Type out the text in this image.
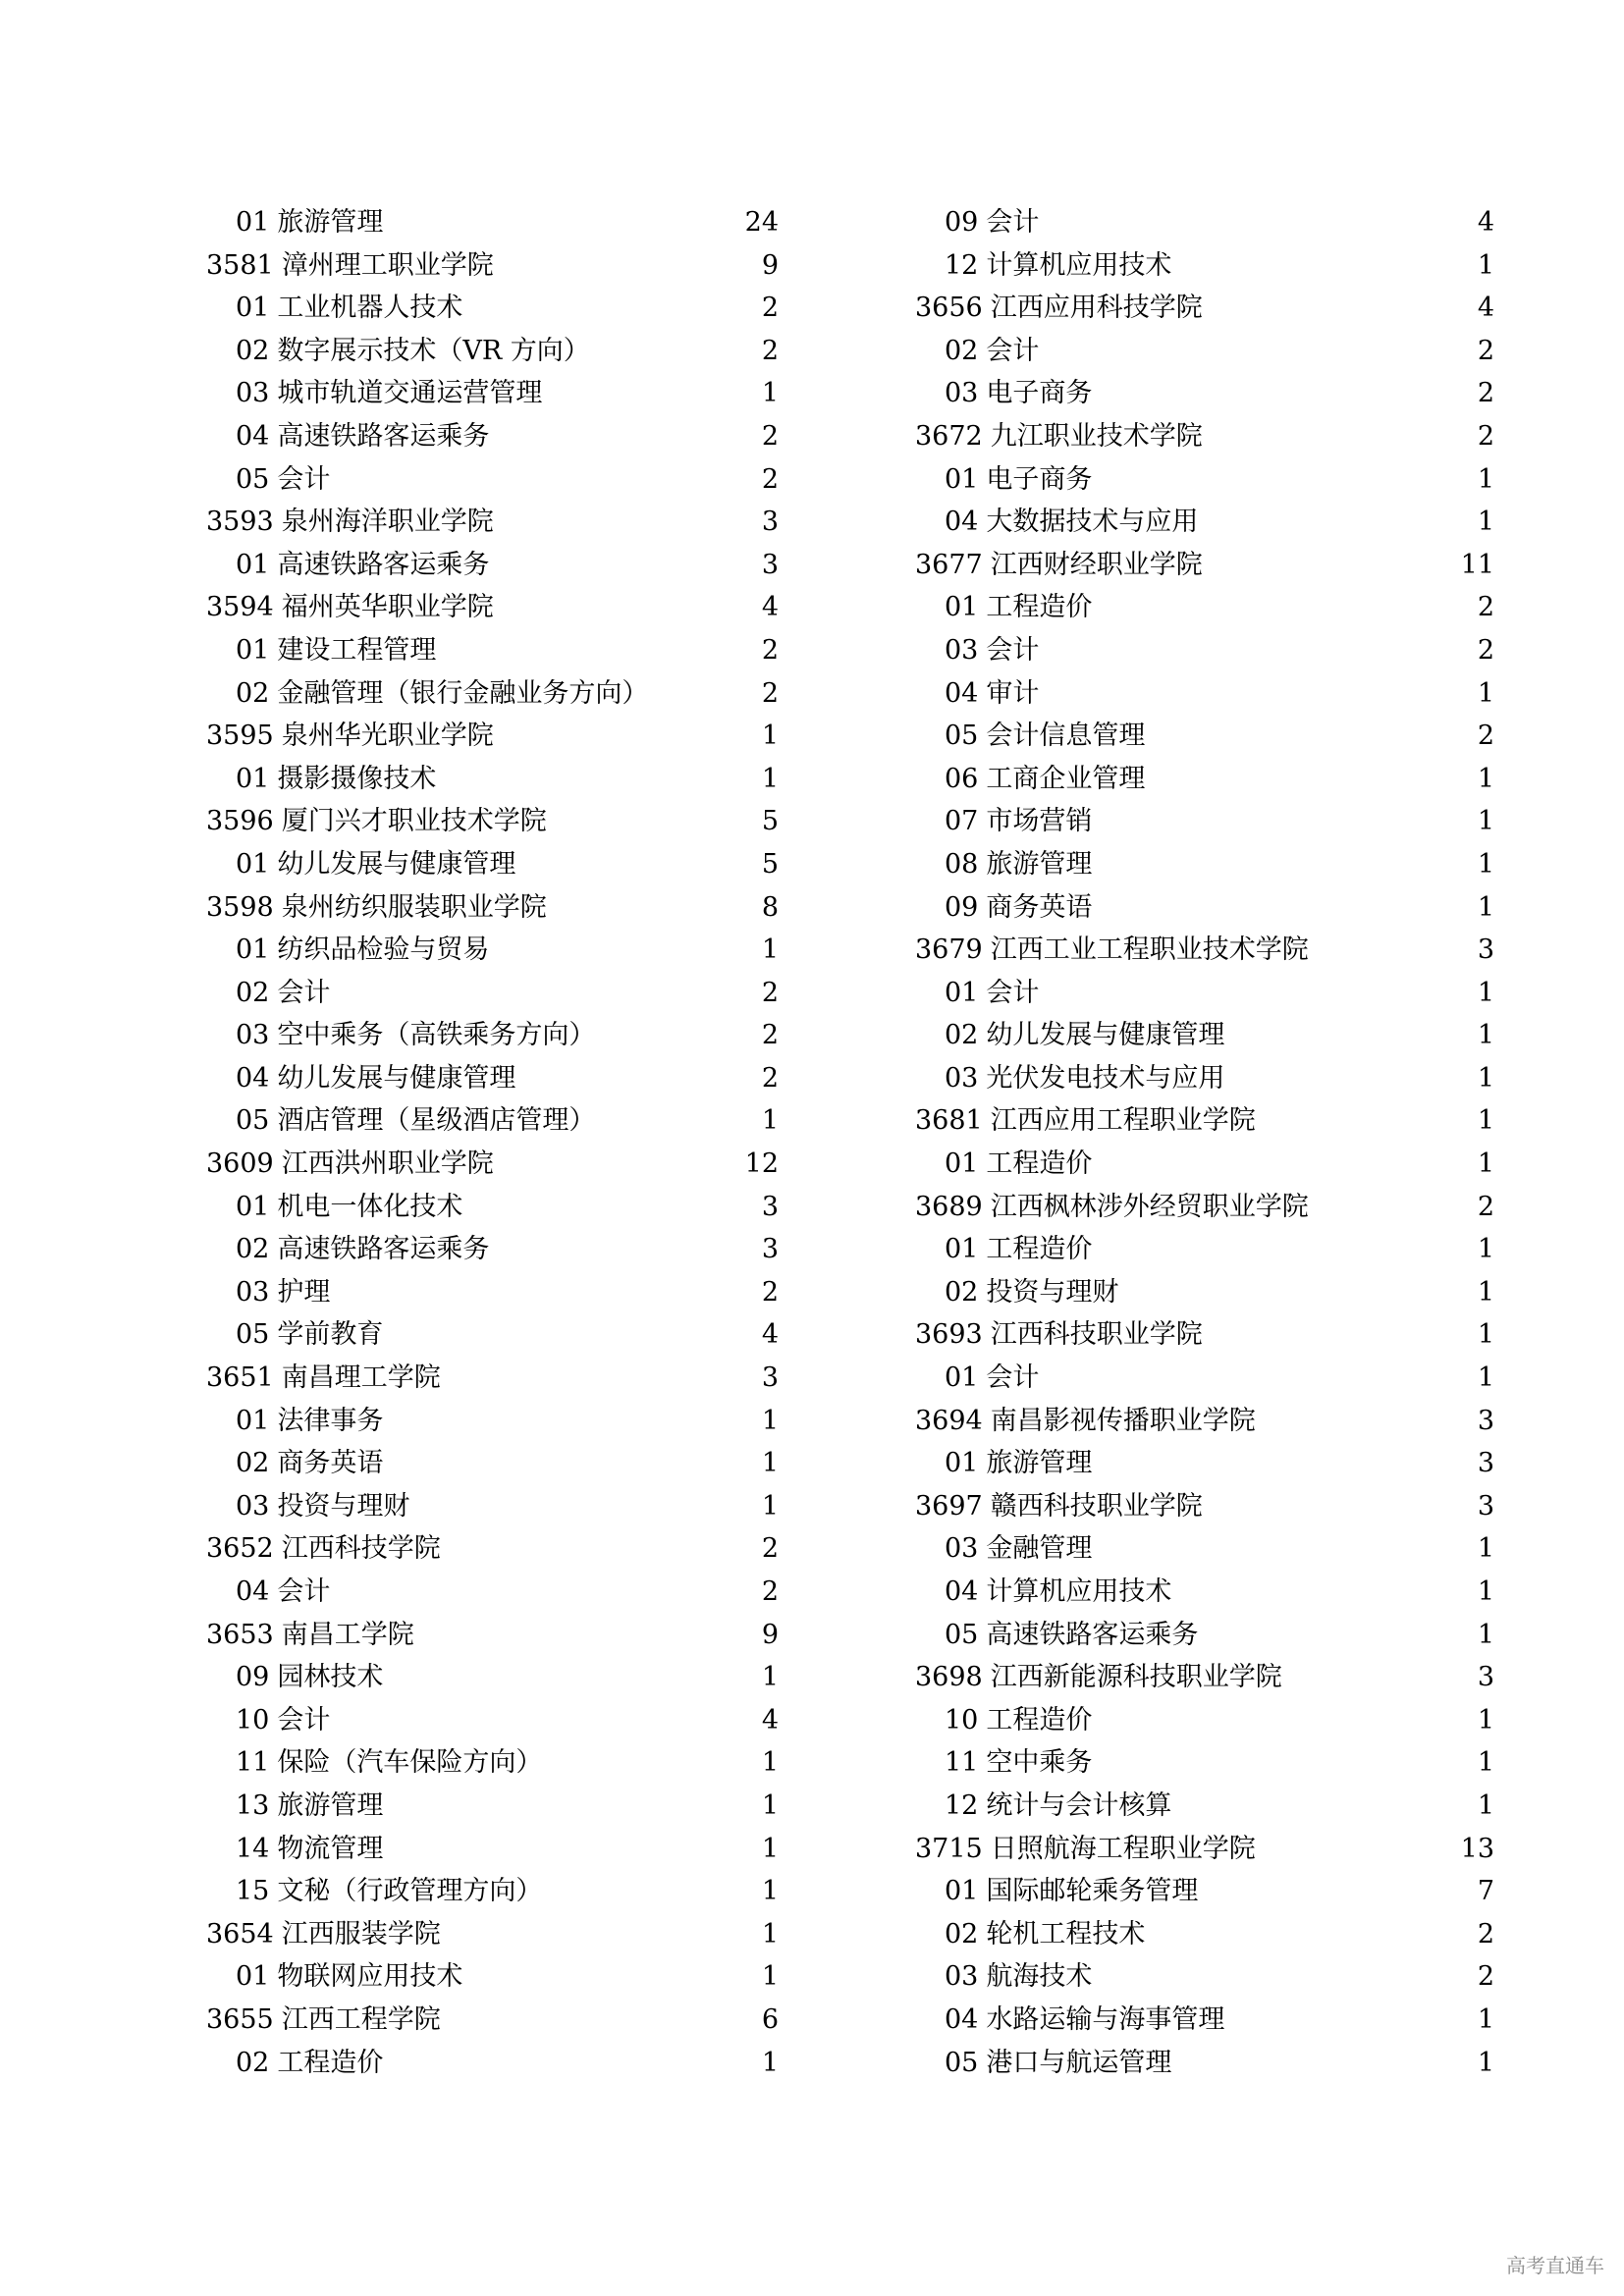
01 旅游管理	24
3581 漳州理工职业学院	9
01 工业机器人技术	2
02 数字展示技术（VR 方向）	2
03 城市轨道交通运营管理	1
04 高速铁路客运乘务	2
05 会计	2
3593 泉州海洋职业学院	3
01 高速铁路客运乘务	3
3594 福州英华职业学院	4
01 建设工程管理	2
02 金融管理（银行金融业务方向）	2
3595 泉州华光职业学院	1
01 摄影摄像技术	1
3596 厦门兴才职业技术学院	5
01 幼儿发展与健康管理	5
3598 泉州纺织服装职业学院	8
01 纺织品检验与贸易	1
02 会计	2
03 空中乘务（高铁乘务方向）	2
04 幼儿发展与健康管理	2
05 酒店管理（星级酒店管理）	1
3609 江西洪州职业学院	12
01 机电一体化技术	3
02 高速铁路客运乘务	3
03 护理	2
05 学前教育	4
3651 南昌理工学院	3
01 法律事务	1
02 商务英语	1
03 投资与理财	1
3652 江西科技学院	2
04 会计	2
3653 南昌工学院	9
09 园林技术	1
10 会计	4
11 保险（汽车保险方向）	1
13 旅游管理	1
14 物流管理	1
15 文秘（行政管理方向）	1
3654 江西服装学院	1
01 物联网应用技术	1
3655 江西工程学院	6
02 工程造价	1
09 会计	4
12 计算机应用技术	1
3656 江西应用科技学院	4
02 会计	2
03 电子商务	2
3672 九江职业技术学院	2
01 电子商务	1
04 大数据技术与应用	1
3677 江西财经职业学院	11
01 工程造价	2
03 会计	2
04 审计	1
05 会计信息管理	2
06 工商企业管理	1
07 市场营销	1
08 旅游管理	1
09 商务英语	1
3679 江西工业工程职业技术学院	3
01 会计	1
02 幼儿发展与健康管理	1
03 光伏发电技术与应用	1
3681 江西应用工程职业学院	1
01 工程造价	1
3689 江西枫林涉外经贸职业学院	2
01 工程造价	1
02 投资与理财	1
3693 江西科技职业学院	1
01 会计	1
3694 南昌影视传播职业学院	3
01 旅游管理	3
3697 赣西科技职业学院	3
03 金融管理	1
04 计算机应用技术	1
05 高速铁路客运乘务	1
3698 江西新能源科技职业学院	3
10 工程造价	1
11 空中乘务	1
12 统计与会计核算	1
3715 日照航海工程职业学院	13
01 国际邮轮乘务管理	7
02 轮机工程技术	2
03 航海技术	2
04 水路运输与海事管理	1
05 港口与航运管理	1
高考直通车
